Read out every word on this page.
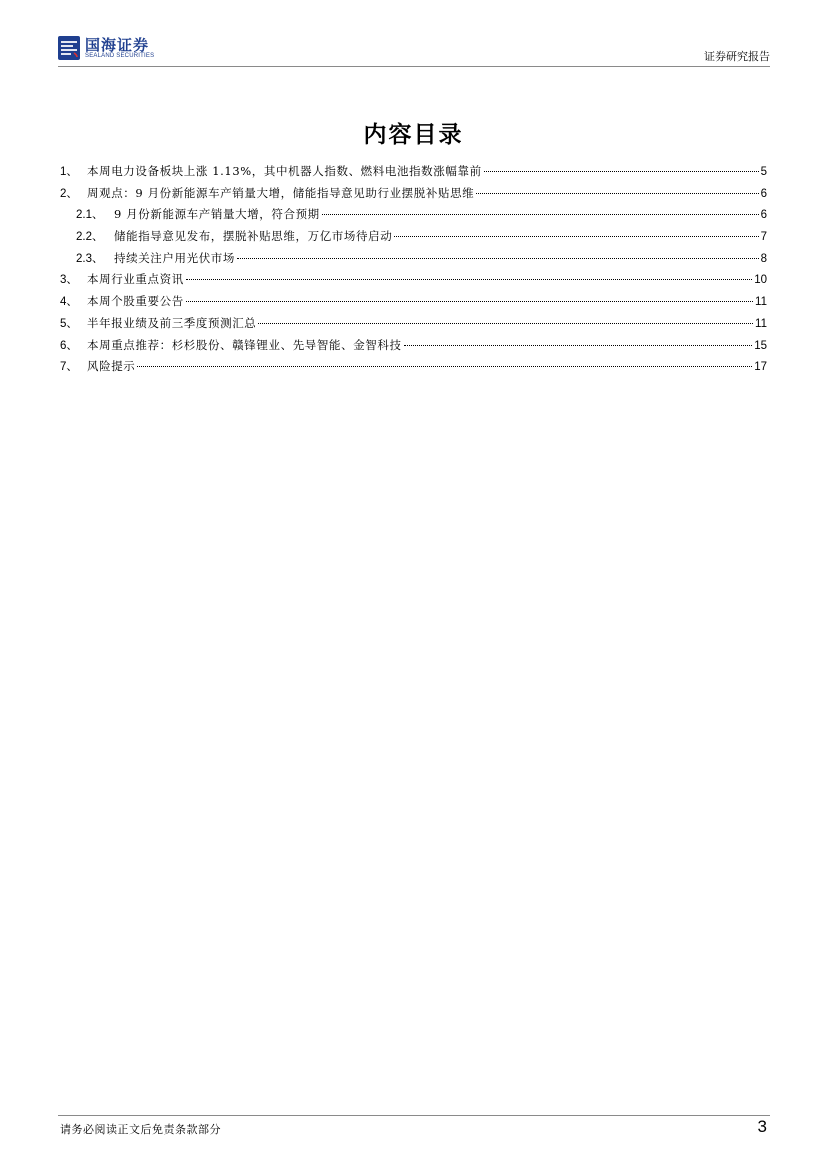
国海证券
SEALAND SECURITIES	证券研究报告
内容目录
1、 本周电力设备板块上涨 1.13%，其中机器人指数、燃料电池指数涨幅靠前	5
2、 周观点：9 月份新能源车产销量大增，储能指导意见助行业摆脱补贴思维	6
2.1、 9 月份新能源车产销量大增，符合预期	6
2.2、 储能指导意见发布，摆脱补贴思维，万亿市场待启动	7
2.3、 持续关注户用光伏市场	8
3、 本周行业重点资讯	10
4、 本周个股重要公告	11
5、 半年报业绩及前三季度预测汇总	11
6、 本周重点推荐：杉杉股份、赣锋锂业、先导智能、金智科技	15
7、 风险提示	17
请务必阅读正文后免责条款部分	3
